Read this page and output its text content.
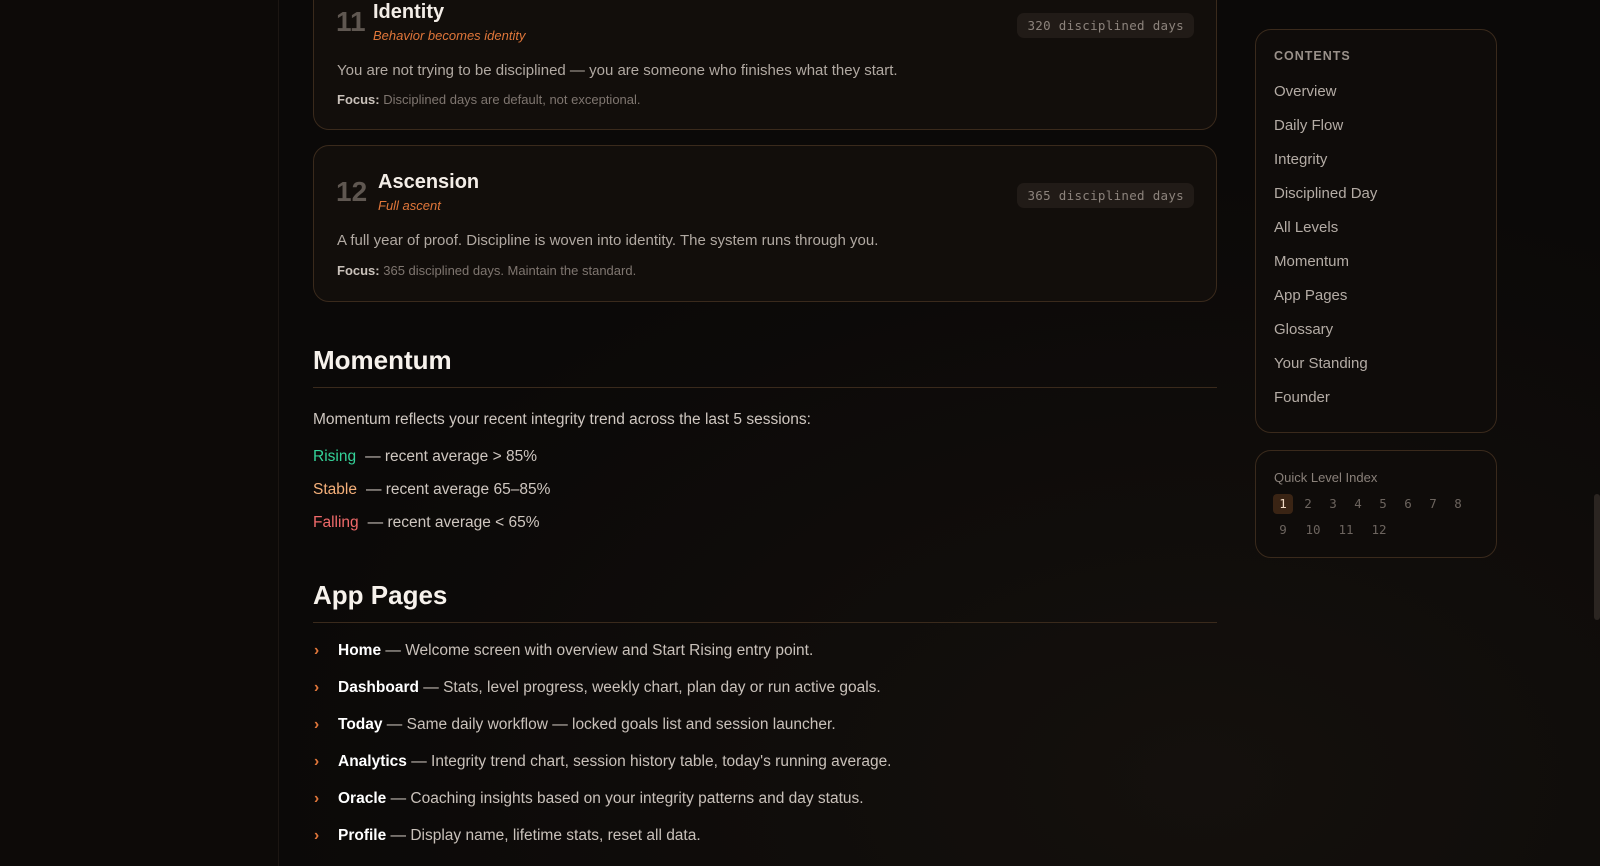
11 Identity
Behavior becomes identity
320 disciplined days
You are not trying to be disciplined — you are someone who finishes what they start.
Focus: Disciplined days are default, not exceptional.
12 Ascension
Full ascent
365 disciplined days
A full year of proof. Discipline is woven into identity. The system runs through you.
Focus: 365 disciplined days. Maintain the standard.
Momentum
Momentum reflects your recent integrity trend across the last 5 sessions:
Rising — recent average > 85%
Stable — recent average 65–85%
Falling — recent average < 65%
App Pages
› Home — Welcome screen with overview and Start Rising entry point.
› Dashboard — Stats, level progress, weekly chart, plan day or run active goals.
› Today — Same daily workflow — locked goals list and session launcher.
› Analytics — Integrity trend chart, session history table, today's running average.
› Oracle — Coaching insights based on your integrity patterns and day status.
› Profile — Display name, lifetime stats, reset all data.
CONTENTS
Overview
Daily Flow
Integrity
Disciplined Day
All Levels
Momentum
App Pages
Glossary
Your Standing
Founder
Quick Level Index
1	2	3	4	5	6	7	8
9	10	11	12
